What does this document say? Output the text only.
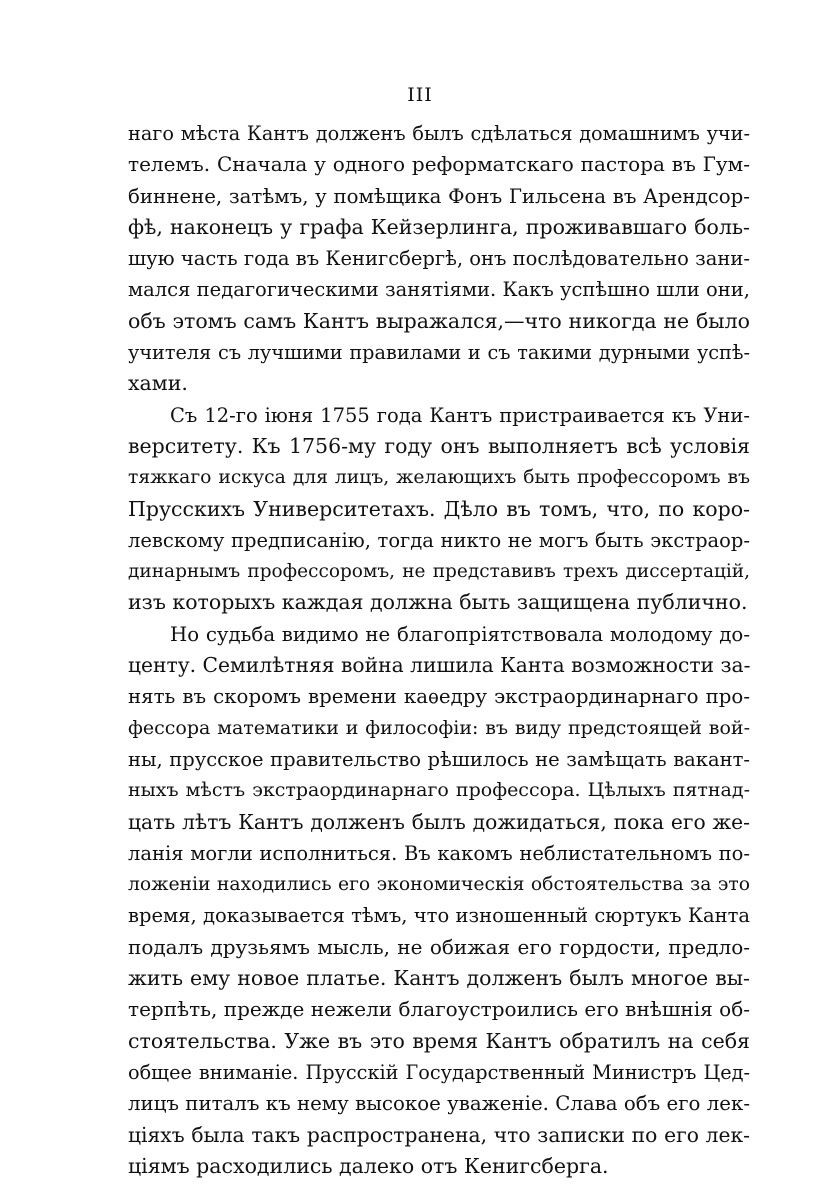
III
наго мѣста Кантъ долженъ былъ сдѣлаться домашнимъ учи-
телемъ. Сначала у одного реформатскаго пастора въ Гум-
биннене, затѣмъ, у помѣщика Фонъ Гильсена въ Арендсор-
фѣ, наконецъ у графа Кейзерлинга, проживавшаго боль-
шую часть года въ Кенигсбергѣ, онъ послѣдовательно зани-
мался педагогическими занятіями. Какъ успѣшно шли они,
объ этомъ самъ Кантъ выражался,—что никогда не было
учителя съ лучшими правилами и съ такими дурными успѣ-
хами.
Съ 12-го іюня 1755 года Кантъ пристраивается къ Уни-
верситету. Къ 1756-му году онъ выполняетъ всѣ условія
тяжкаго искуса для лицъ, желающихъ быть профессоромъ въ
Прусскихъ Университетахъ. Дѣло въ томъ, что, по коро-
левскому предписанію, тогда никто не могъ быть экстраор-
динарнымъ профессоромъ, не представивъ трехъ диссертацій,
изъ которыхъ каждая должна быть защищена публично.
Но судьба видимо не благопріятствовала молодому до-
центу. Семилѣтняя война лишила Канта возможности за-
нять въ скоромъ времени каѳедру экстраординарнаго про-
фессора математики и философіи: въ виду предстоящей вой-
ны, прусское правительство рѣшилось не замѣщать вакант-
ныхъ мѣстъ экстраординарнаго профессора. Цѣлыхъ пятнад-
цать лѣтъ Кантъ долженъ былъ дожидаться, пока его же-
ланія могли исполниться. Въ какомъ неблистательномъ по-
ложеніи находились его экономическія обстоятельства за это
время, доказывается тѣмъ, что изношенный сюртукъ Канта
подалъ друзьямъ мысль, не обижая его гордости, предло-
жить ему новое платье. Кантъ долженъ былъ многое вы-
терпѣть, прежде нежели благоустроились его внѣшнія об-
стоятельства. Уже въ это время Кантъ обратилъ на себя
общее вниманіе. Прусскій Государственный Министръ Цед-
лицъ питалъ къ нему высокое уваженіе. Слава объ его лек-
ціяхъ была такъ распространена, что записки по его лек-
ціямъ расходились далеко отъ Кенигсберга.
